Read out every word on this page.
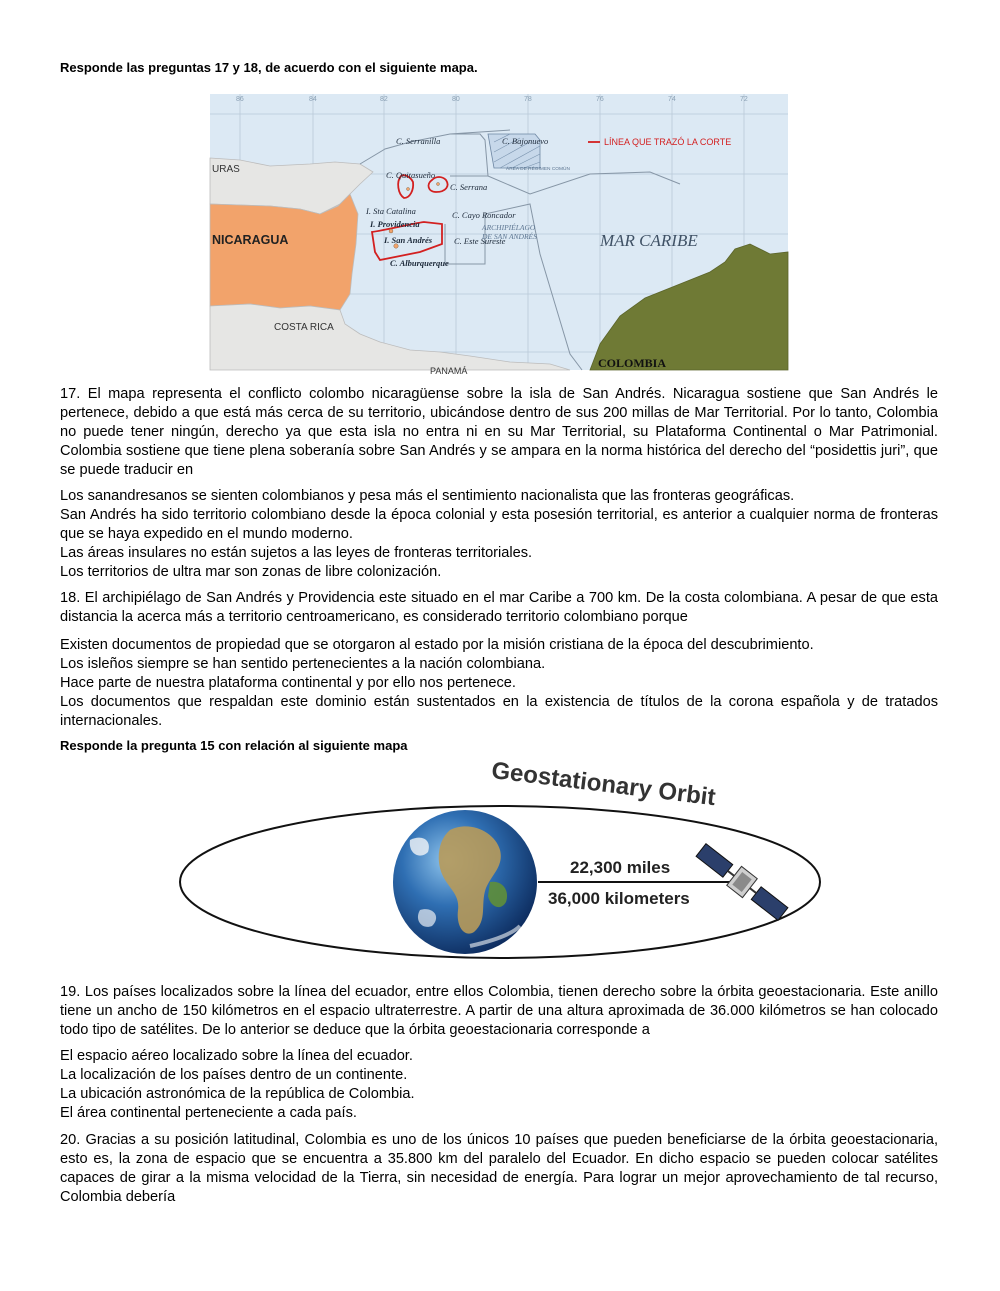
Responde las preguntas 17 y 18, de acuerdo con el siguiente mapa.
86	84	82	80	78	76	74	72
C. Serranilla	C. Bajonuevo
C. Quitasueño
C. Serrana
I. Sta Catalina	C. Cayo Roncador
C. Este Sureste
I. Providencia
I. San Andrés
C. Alburquerque
ARCHIPIÉLAGO
DE SAN ANDRÉS
ÁREA DE RÉGIMEN COMÚN
LÍNEA QUE TRAZÓ LA CORTE
URAS
NICARAGUA	MAR CARIBE
COSTA RICA
PANAMÁ
COLOMBIA
17. El mapa representa el conflicto colombo nicaragüense sobre la isla de San Andrés. Nicaragua sostiene que San Andrés le pertenece, debido a que está más cerca de su territorio, ubicándose dentro de sus 200 millas de Mar Territorial. Por lo tanto, Colombia no puede tener ningún, derecho ya que esta isla no entra ni en su Mar Territorial, su Plataforma Continental o Mar Patrimonial. Colombia sostiene que tiene plena soberanía sobre San Andrés y se ampara en la norma histórica del derecho del “posidettis juri”, que se puede traducir en
Los sanandresanos se sienten colombianos y pesa más el sentimiento nacionalista que las fronteras geográficas.
San Andrés ha sido territorio colombiano desde la época colonial y esta posesión territorial, es anterior a cualquier norma de fronteras que se haya expedido en el mundo moderno.
Las áreas insulares no están sujetos a las leyes de fronteras territoriales.
Los territorios de ultra mar son zonas de libre colonización.
18. El archipiélago de San Andrés y Providencia este situado en el mar Caribe a 700 km. De la costa colombiana. A pesar de que esta distancia la acerca más a territorio centroamericano, es considerado territorio colombiano porque
Existen documentos de propiedad que se otorgaron al estado por la misión cristiana de la época del descubrimiento.
Los isleños siempre se han sentido pertenecientes a la nación colombiana.
Hace parte de nuestra plataforma continental y por ello nos pertenece.
Los documentos que respaldan este dominio están sustentados en la existencia de títulos de la corona española y de tratados internacionales.
Responde la pregunta 15 con relación al siguiente mapa
Geostationary Orbit
22,300 miles
36,000 kilometers
19. Los países localizados sobre la línea del ecuador, entre ellos Colombia, tienen derecho sobre la órbita geoestacionaria. Este anillo tiene un ancho de 150 kilómetros en el espacio ultraterrestre. A partir de una altura aproximada de 36.000 kilómetros se han colocado todo tipo de satélites. De lo anterior se deduce que la órbita geoestacionaria corresponde a
El espacio aéreo localizado sobre la línea del ecuador.
La localización de los países dentro de un continente.
La ubicación astronómica de la república de Colombia.
El área continental perteneciente a cada país.
20. Gracias a su posición latitudinal, Colombia es uno de los únicos 10 países que pueden beneficiarse de la órbita geoestacionaria, esto es, la zona de espacio que se encuentra a 35.800 km del paralelo del Ecuador. En dicho espacio se pueden colocar satélites capaces de girar a la misma velocidad de la Tierra, sin necesidad de energía. Para lograr un mejor aprovechamiento de tal recurso, Colombia debería
